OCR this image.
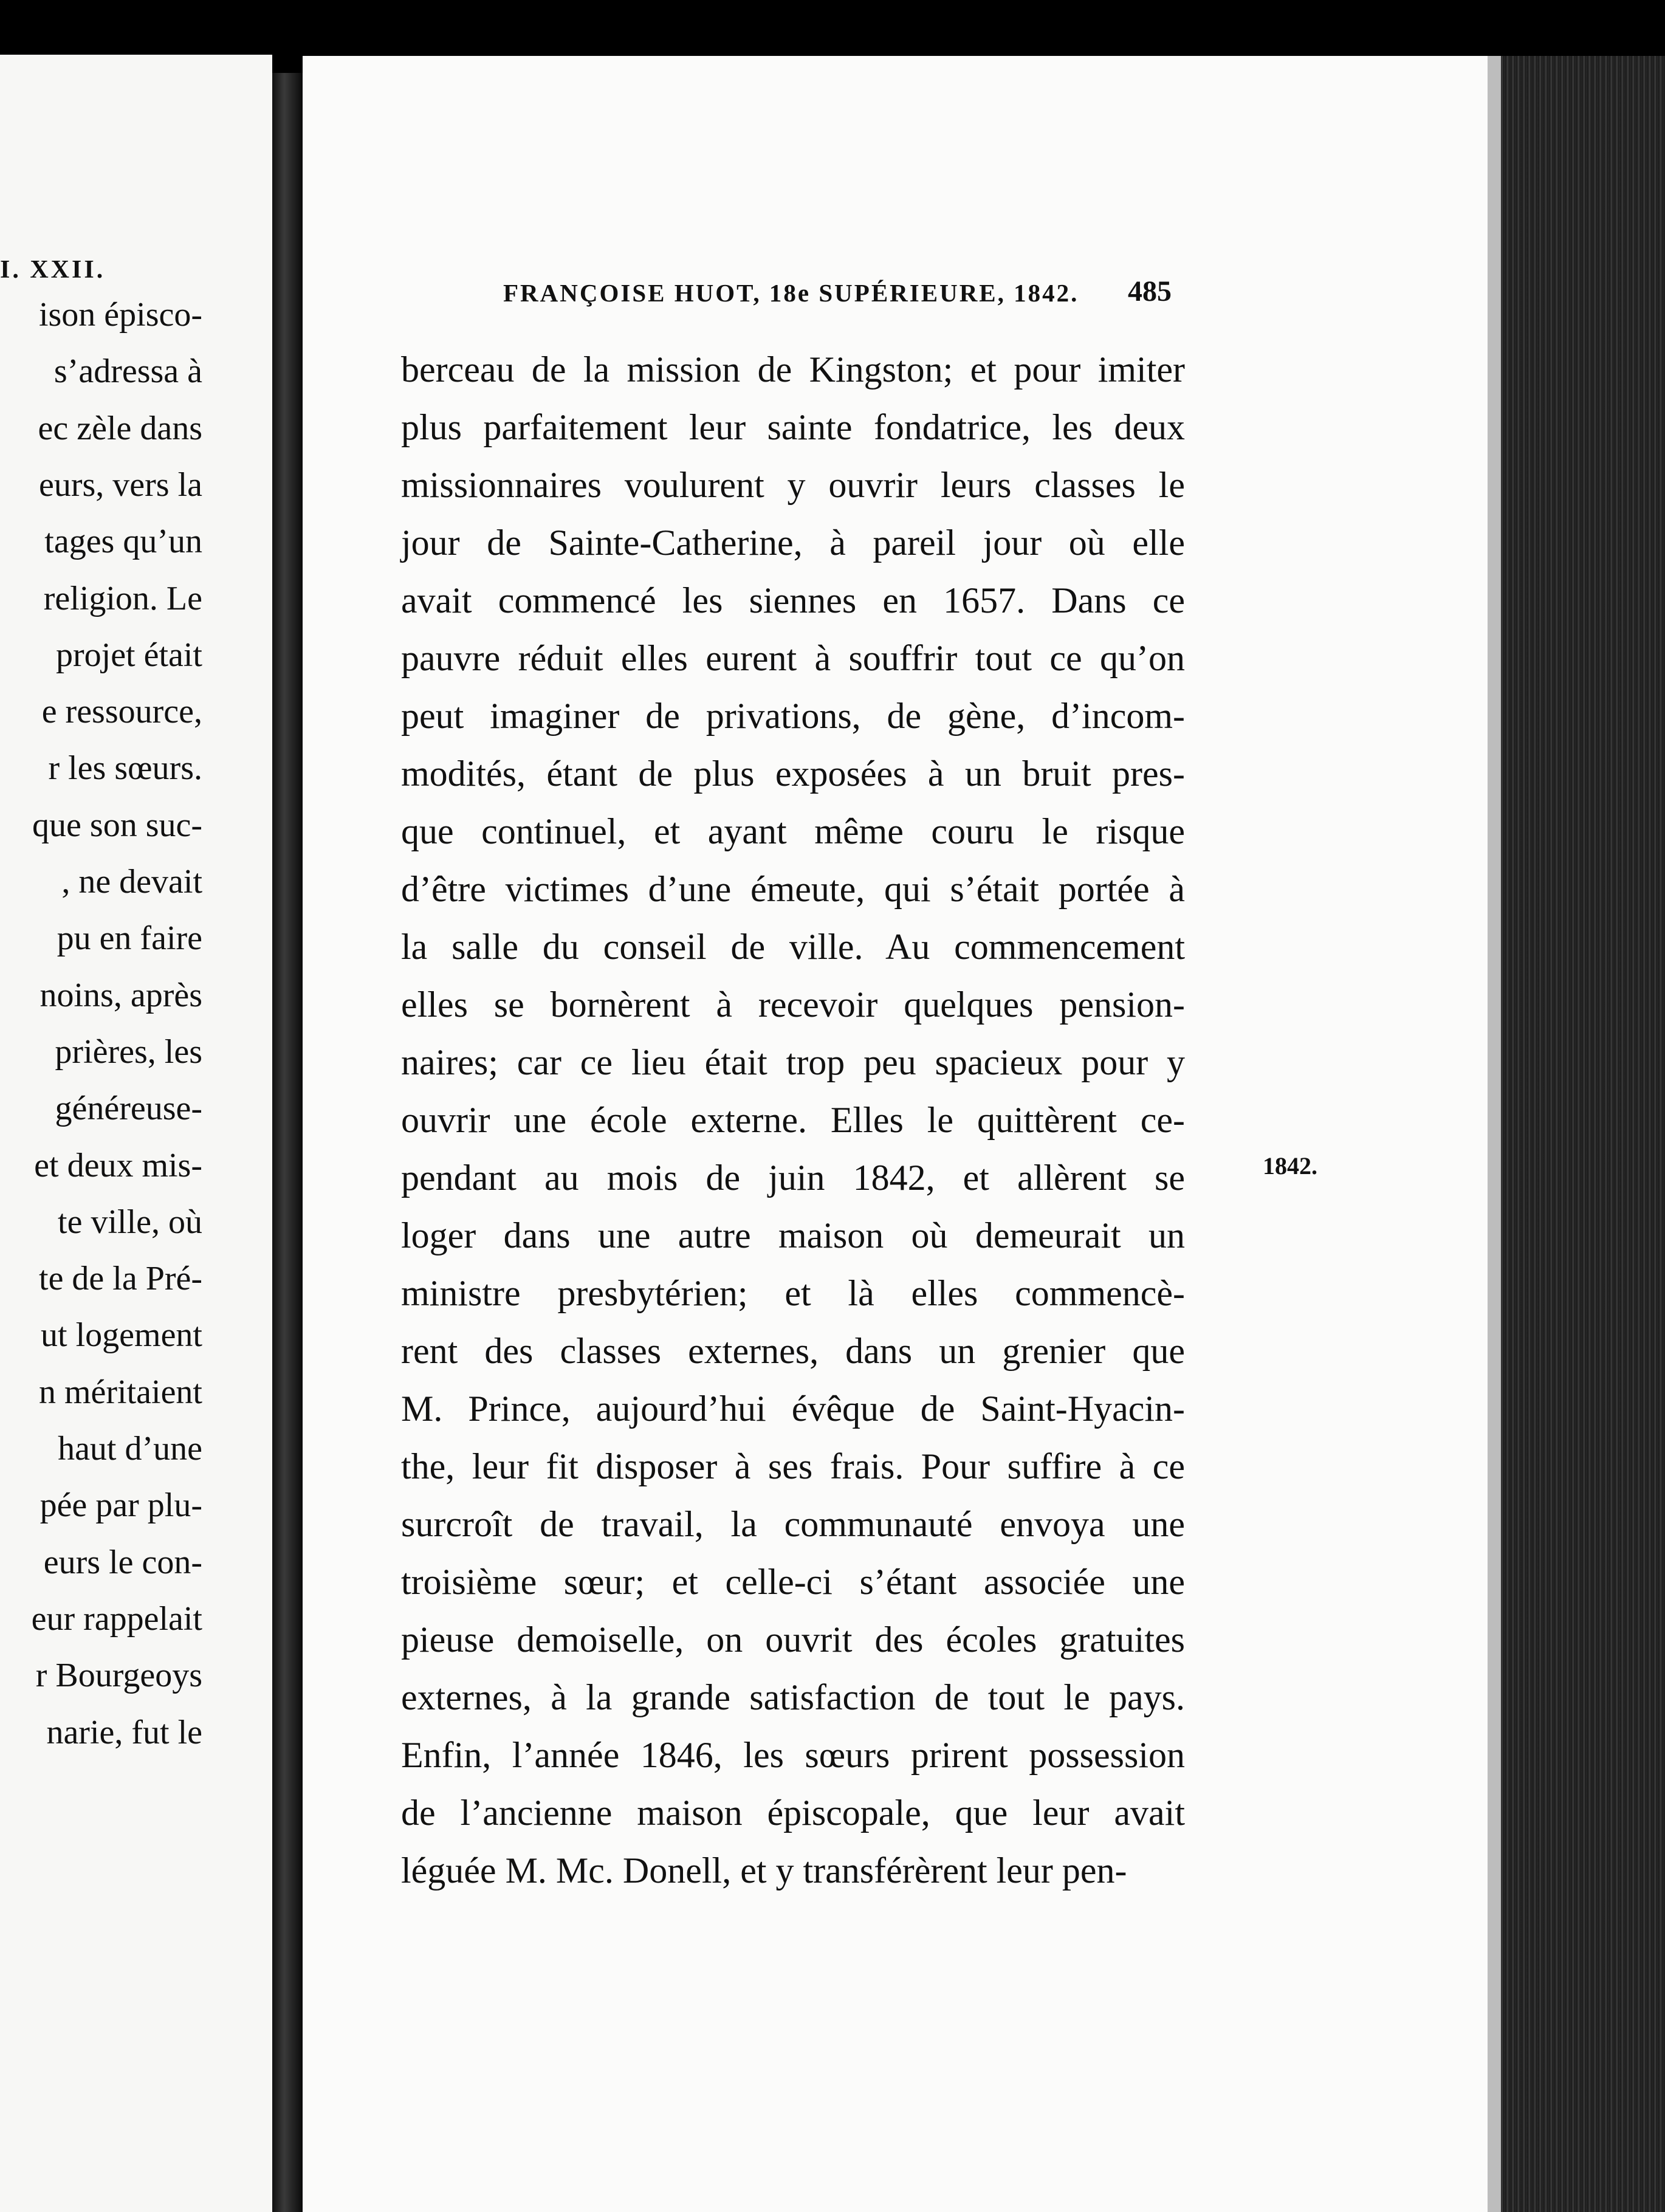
I. XXII.
ison épisco-
s’adressa à
ec zèle dans
eurs, vers la
tages qu’un
religion. Le
projet était
e ressource,
r les sœurs.
que son suc-
, ne devait
pu en faire
noins, après
prières, les
généreuse-
et deux mis-
te ville, où
te de la Pré-
ut logement
n méritaient
haut d’une
pée par plu-
eurs le con-
eur rappelait
r Bourgeoys
narie, fut le
FRANÇOISE HUOT, 18e SUPÉRIEURE, 1842. 485
berceau de la mission de Kingston; et pour imiter
plus parfaitement leur sainte fondatrice, les deux
missionnaires voulurent y ouvrir leurs classes le
jour de Sainte-Catherine, à pareil jour où elle
avait commencé les siennes en 1657. Dans ce
pauvre réduit elles eurent à souffrir tout ce qu’on
peut imaginer de privations, de gène, d’incom-
modités, étant de plus exposées à un bruit pres-
que continuel, et ayant même couru le risque
d’être victimes d’une émeute, qui s’était portée à
la salle du conseil de ville. Au commencement
elles se bornèrent à recevoir quelques pension-
naires; car ce lieu était trop peu spacieux pour y
ouvrir une école externe. Elles le quittèrent ce-
pendant au mois de juin 1842, et allèrent se
loger dans une autre maison où demeurait un
ministre presbytérien; et là elles commencè-
rent des classes externes, dans un grenier que
M. Prince, aujourd’hui évêque de Saint-Hyacin-
the, leur fit disposer à ses frais. Pour suffire à ce
surcroît de travail, la communauté envoya une
troisième sœur; et celle-ci s’étant associée une
pieuse demoiselle, on ouvrit des écoles gratuites
externes, à la grande satisfaction de tout le pays.
Enfin, l’année 1846, les sœurs prirent possession
de l’ancienne maison épiscopale, que leur avait
léguée M. Mc. Donell, et y transférèrent leur pen-
1842.
